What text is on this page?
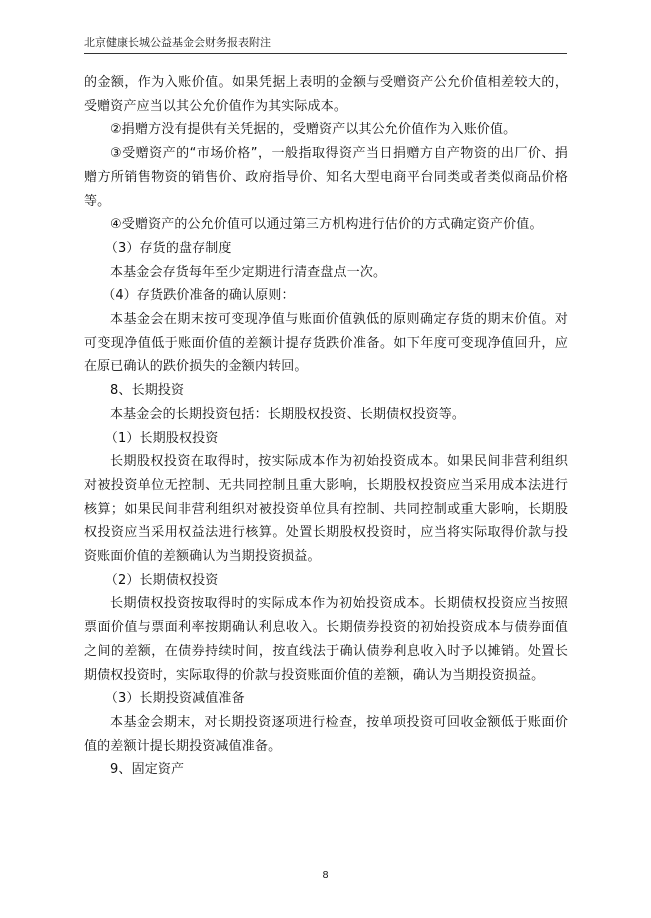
北京健康长城公益基金会财务报表附注

的金额，作为入账价值。如果凭据上表明的金额与受赠资产公允价值相差较大的，受赠资产应当以其公允价值作为其实际成本。

②捐赠方没有提供有关凭据的，受赠资产以其公允价值作为入账价值。

③受赠资产的“市场价格”，一般指取得资产当日捐赠方自产物资的出厂价、捐赠方所销售物资的销售价、政府指导价、知名大型电商平台同类或者类似商品价格等。

④受赠资产的公允价值可以通过第三方机构进行估价的方式确定资产价值。

（3）存货的盘存制度

本基金会存货每年至少定期进行清查盘点一次。

（4）存货跌价准备的确认原则：

本基金会在期末按可变现净值与账面价值孰低的原则确定存货的期末价值。对可变现净值低于账面价值的差额计提存货跌价准备。如下年度可变现净值回升，应在原已确认的跌价损失的金额内转回。

8、长期投资

本基金会的长期投资包括：长期股权投资、长期债权投资等。

（1）长期股权投资

长期股权投资在取得时，按实际成本作为初始投资成本。如果民间非营利组织对被投资单位无控制、无共同控制且重大影响，长期股权投资应当采用成本法进行核算；如果民间非营利组织对被投资单位具有控制、共同控制或重大影响，长期股权投资应当采用权益法进行核算。处置长期股权投资时，应当将实际取得价款与投资账面价值的差额确认为当期投资损益。

（2）长期债权投资

长期债权投资按取得时的实际成本作为初始投资成本。长期债权投资应当按照票面价值与票面利率按期确认利息收入。长期债券投资的初始投资成本与债券面值之间的差额，在债券持续时间，按直线法于确认债券利息收入时予以摊销。处置长期债权投资时，实际取得的价款与投资账面价值的差额，确认为当期投资损益。

（3）长期投资减值准备

本基金会期末，对长期投资逐项进行检查，按单项投资可回收金额低于账面价值的差额计提长期投资减值准备。

9、固定资产

8
